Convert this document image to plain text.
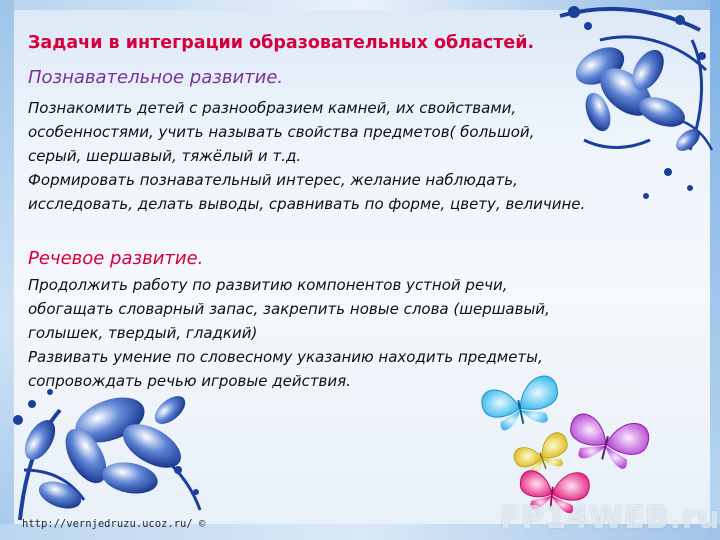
Задачи в интеграции образовательных областей.

Познавательное развитие.

Познакомить детей с разнообразием камней, их свойствами,

особенностями, учить называть свойства предметов( большой,

серый, шершавый, тяжёлый и т.д.

Формировать познавательный интерес, желание наблюдать,

исследовать, делать выводы, сравнивать по форме, цвету, величине.

Речевое развитие.

Продолжить работу по развитию компонентов устной речи,

обогащать словарный запас, закрепить новые слова (шершавый,

голышек, твердый, гладкий)

Развивать умение по словесному указанию находить предметы,

сопровождать речью игровые действия.

FP14WEB.ru
http://vernjedruzu.ucoz.ru/ ©
